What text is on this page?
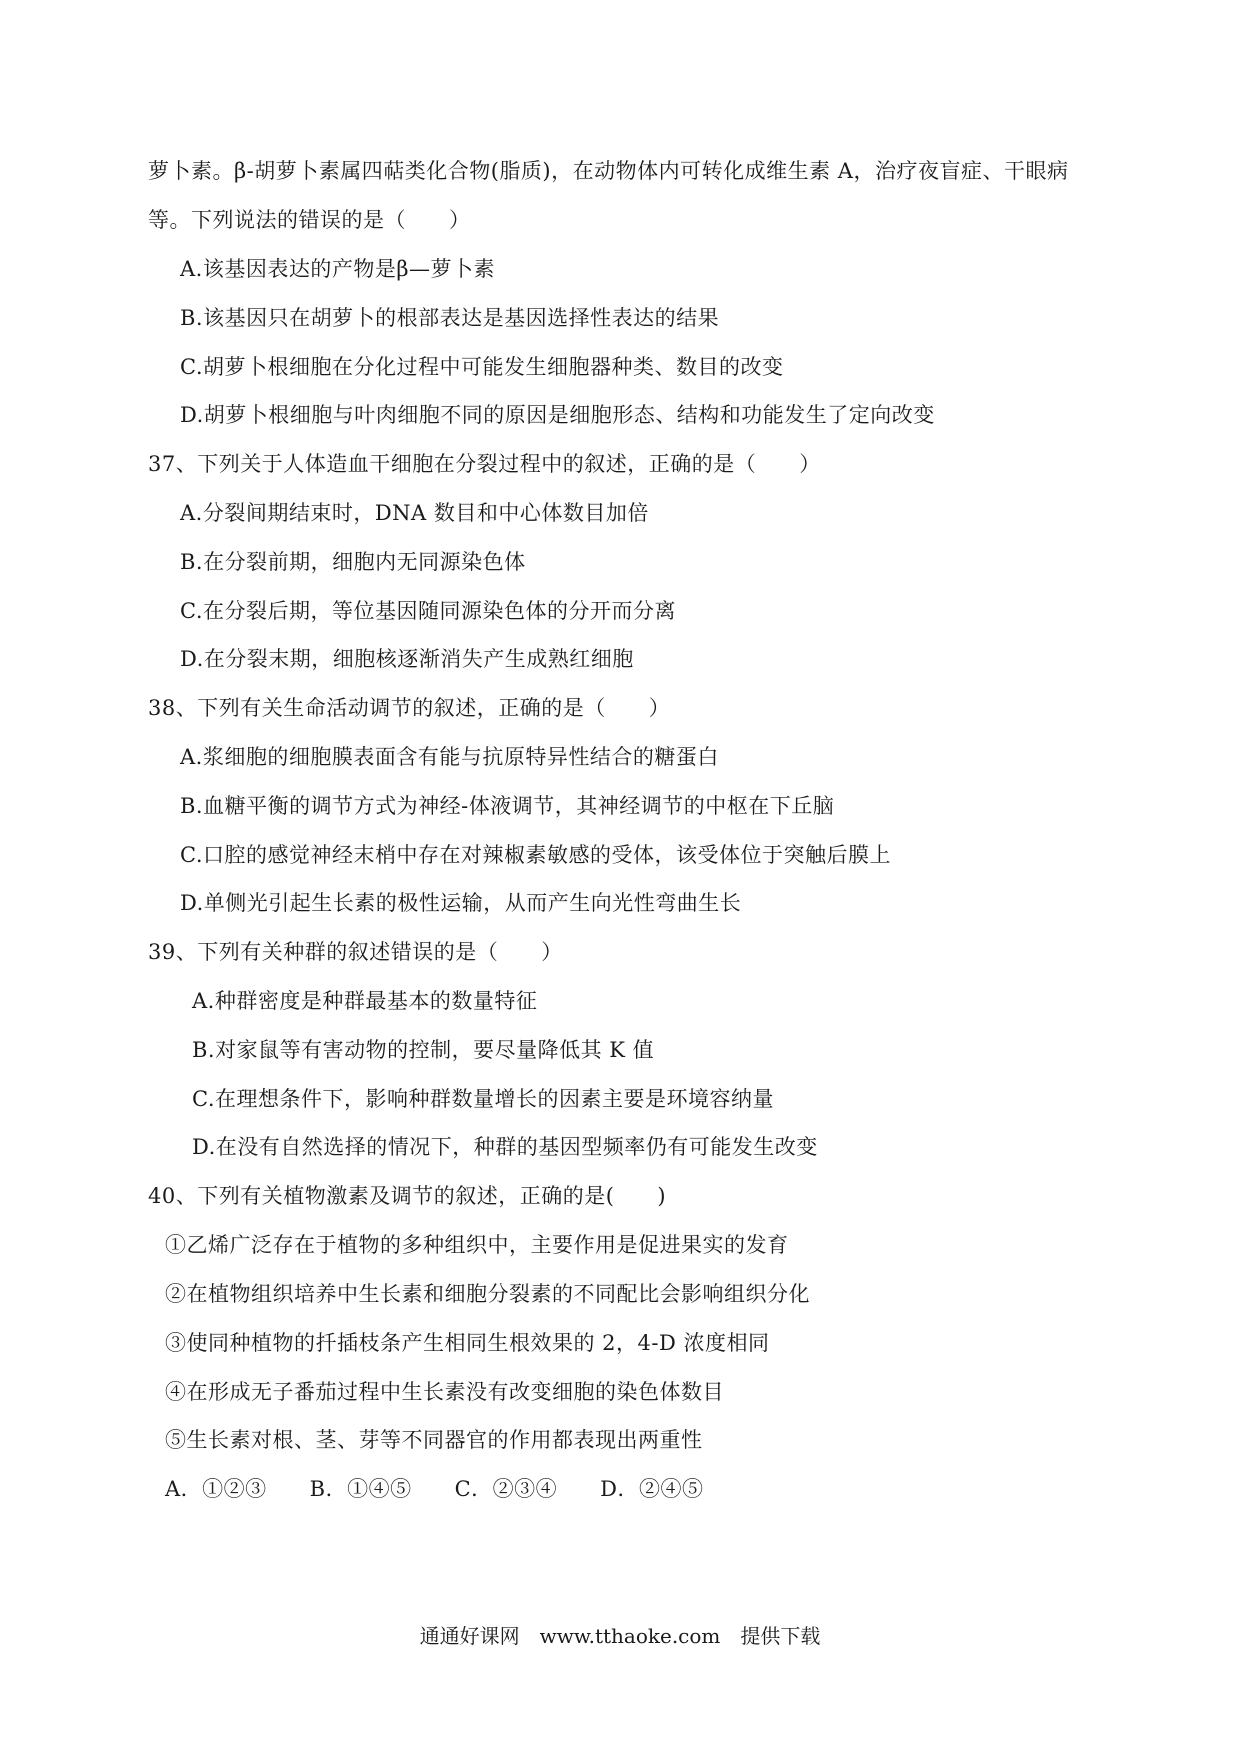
萝卜素。β-胡萝卜素属四萜类化合物(脂质)，在动物体内可转化成维生素 A，治疗夜盲症、干眼病
等。下列说法的错误的是（　　）
A.该基因表达的产物是β—萝卜素
B.该基因只在胡萝卜的根部表达是基因选择性表达的结果
C.胡萝卜根细胞在分化过程中可能发生细胞器种类、数目的改变
D.胡萝卜根细胞与叶肉细胞不同的原因是细胞形态、结构和功能发生了定向改变
37、下列关于人体造血干细胞在分裂过程中的叙述，正确的是（　　）
A.分裂间期结束时，DNA 数目和中心体数目加倍
B.在分裂前期，细胞内无同源染色体
C.在分裂后期，等位基因随同源染色体的分开而分离
D.在分裂末期，细胞核逐渐消失产生成熟红细胞
38、下列有关生命活动调节的叙述，正确的是（　　）
A.浆细胞的细胞膜表面含有能与抗原特异性结合的糖蛋白
B.血糖平衡的调节方式为神经-体液调节，其神经调节的中枢在下丘脑
C.口腔的感觉神经末梢中存在对辣椒素敏感的受体，该受体位于突触后膜上
D.单侧光引起生长素的极性运输，从而产生向光性弯曲生长
39、下列有关种群的叙述错误的是（　　）
A.种群密度是种群最基本的数量特征
B.对家鼠等有害动物的控制，要尽量降低其 K 值
C.在理想条件下，影响种群数量增长的因素主要是环境容纳量
D.在没有自然选择的情况下，种群的基因型频率仍有可能发生改变
40、下列有关植物激素及调节的叙述，正确的是(　　)
①乙烯广泛存在于植物的多种组织中，主要作用是促进果实的发育
②在植物组织培养中生长素和细胞分裂素的不同配比会影响组织分化
③使同种植物的扦插枝条产生相同生根效果的 2，4-D 浓度相同
④在形成无子番茄过程中生长素没有改变细胞的染色体数目
⑤生长素对根、茎、芽等不同器官的作用都表现出两重性
A．①②③　　B．①④⑤　　C．②③④　　D．②④⑤
通通好课网　www.tthaoke.com　提供下载
